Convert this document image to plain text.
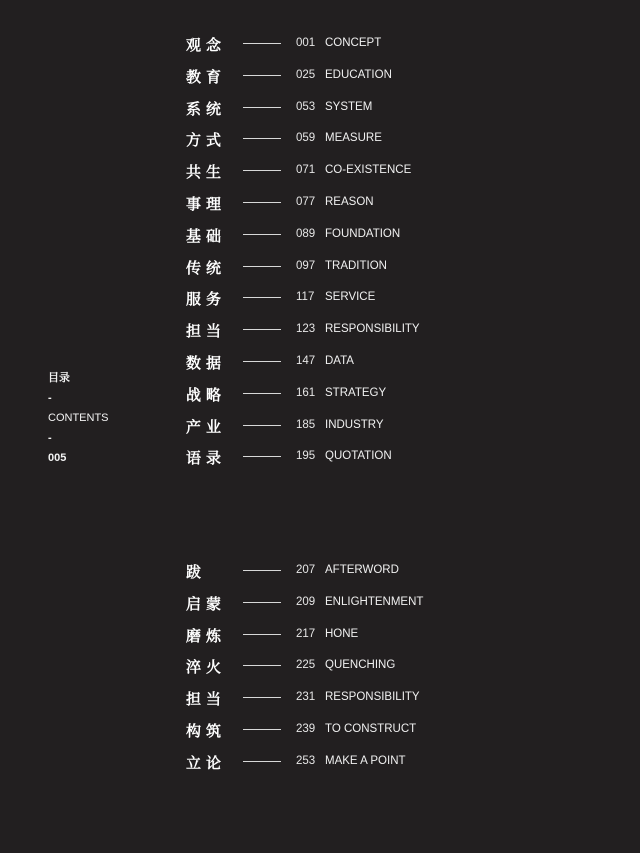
目录
-
CONTENTS
-
005
观念	001 CONCEPT
教育	025 EDUCATION
系统	053 SYSTEM
方式	059 MEASURE
共生	071 CO-EXISTENCE
事理	077 REASON
基础	089 FOUNDATION
传统	097 TRADITION
服务	117 SERVICE
担当	123 RESPONSIBILITY
数据	147 DATA
战略	161 STRATEGY
产业	185 INDUSTRY
语录	195 QUOTATION
跋	207 AFTERWORD
启蒙	209 ENLIGHTENMENT
磨炼	217 HONE
淬火	225 QUENCHING
担当	231 RESPONSIBILITY
构筑	239 TO CONSTRUCT
立论	253 MAKE A POINT
